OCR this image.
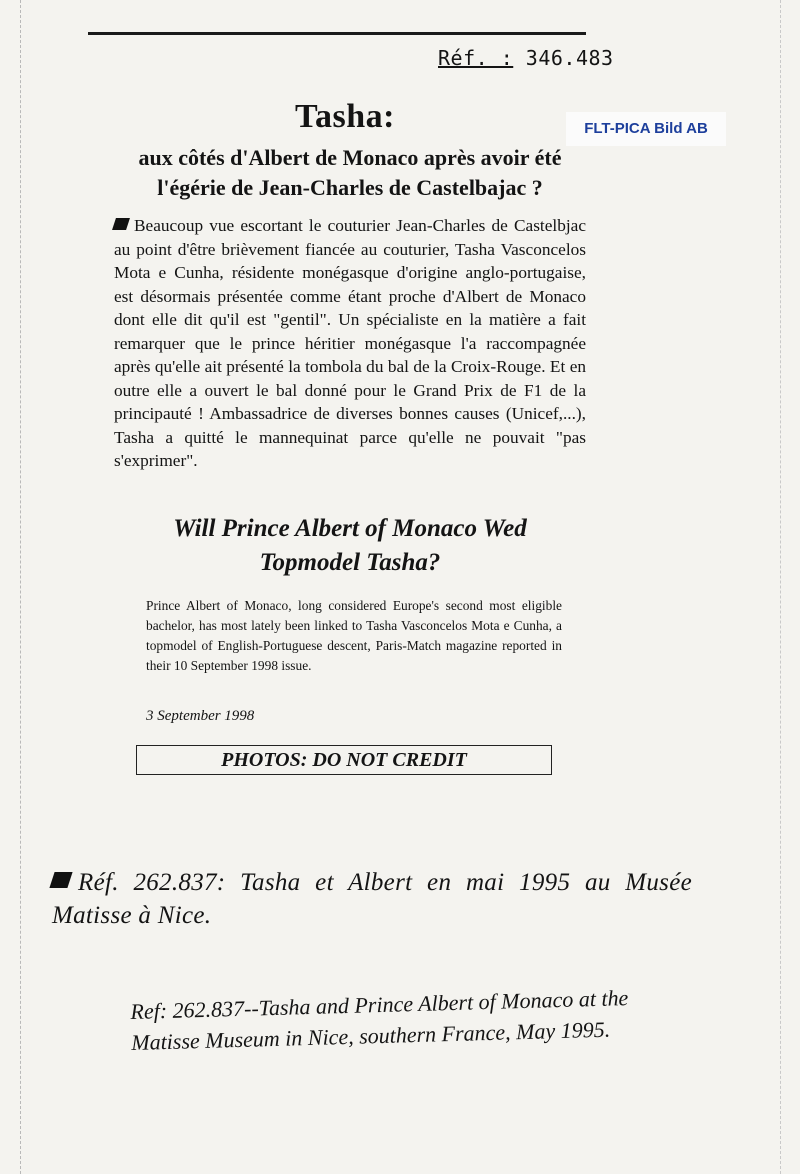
Réf. : 346.483
FLT-PICA Bild AB
Tasha:
aux côtés d'Albert de Monaco après avoir été
l'égérie de Jean-Charles de Castelbajac ?

Beaucoup vue escortant le couturier Jean-Charles de Castelbjac au point d'être brièvement fiancée au couturier, Tasha Vasconcelos Mota e Cunha, résidente monégasque d'origine anglo-portugaise, est désormais présentée comme étant proche d'Albert de Monaco dont elle dit qu'il est "gentil". Un spécialiste en la matière a fait remarquer que le prince héritier monégasque l'a raccompagnée après qu'elle ait présenté la tombola du bal de la Croix-Rouge. Et en outre elle a ouvert le bal donné pour le Grand Prix de F1 de la principauté ! Ambassadrice de diverses bonnes causes (Unicef,...), Tasha a quitté le mannequinat parce qu'elle ne pouvait "pas s'exprimer".

Will Prince Albert of Monaco Wed
Topmodel Tasha?

Prince Albert of Monaco, long considered Europe's second most eligible bachelor, has most lately been linked to Tasha Vasconcelos Mota e Cunha, a topmodel of English-Portuguese descent, Paris-Match magazine reported in their 10 September 1998 issue.

3 September 1998
PHOTOS: DO NOT CREDIT

Réf. 262.837: Tasha et Albert en mai 1995 au Musée Matisse à Nice.

Ref: 262.837--Tasha and Prince Albert of Monaco at the
Matisse Museum in Nice, southern France, May 1995.
